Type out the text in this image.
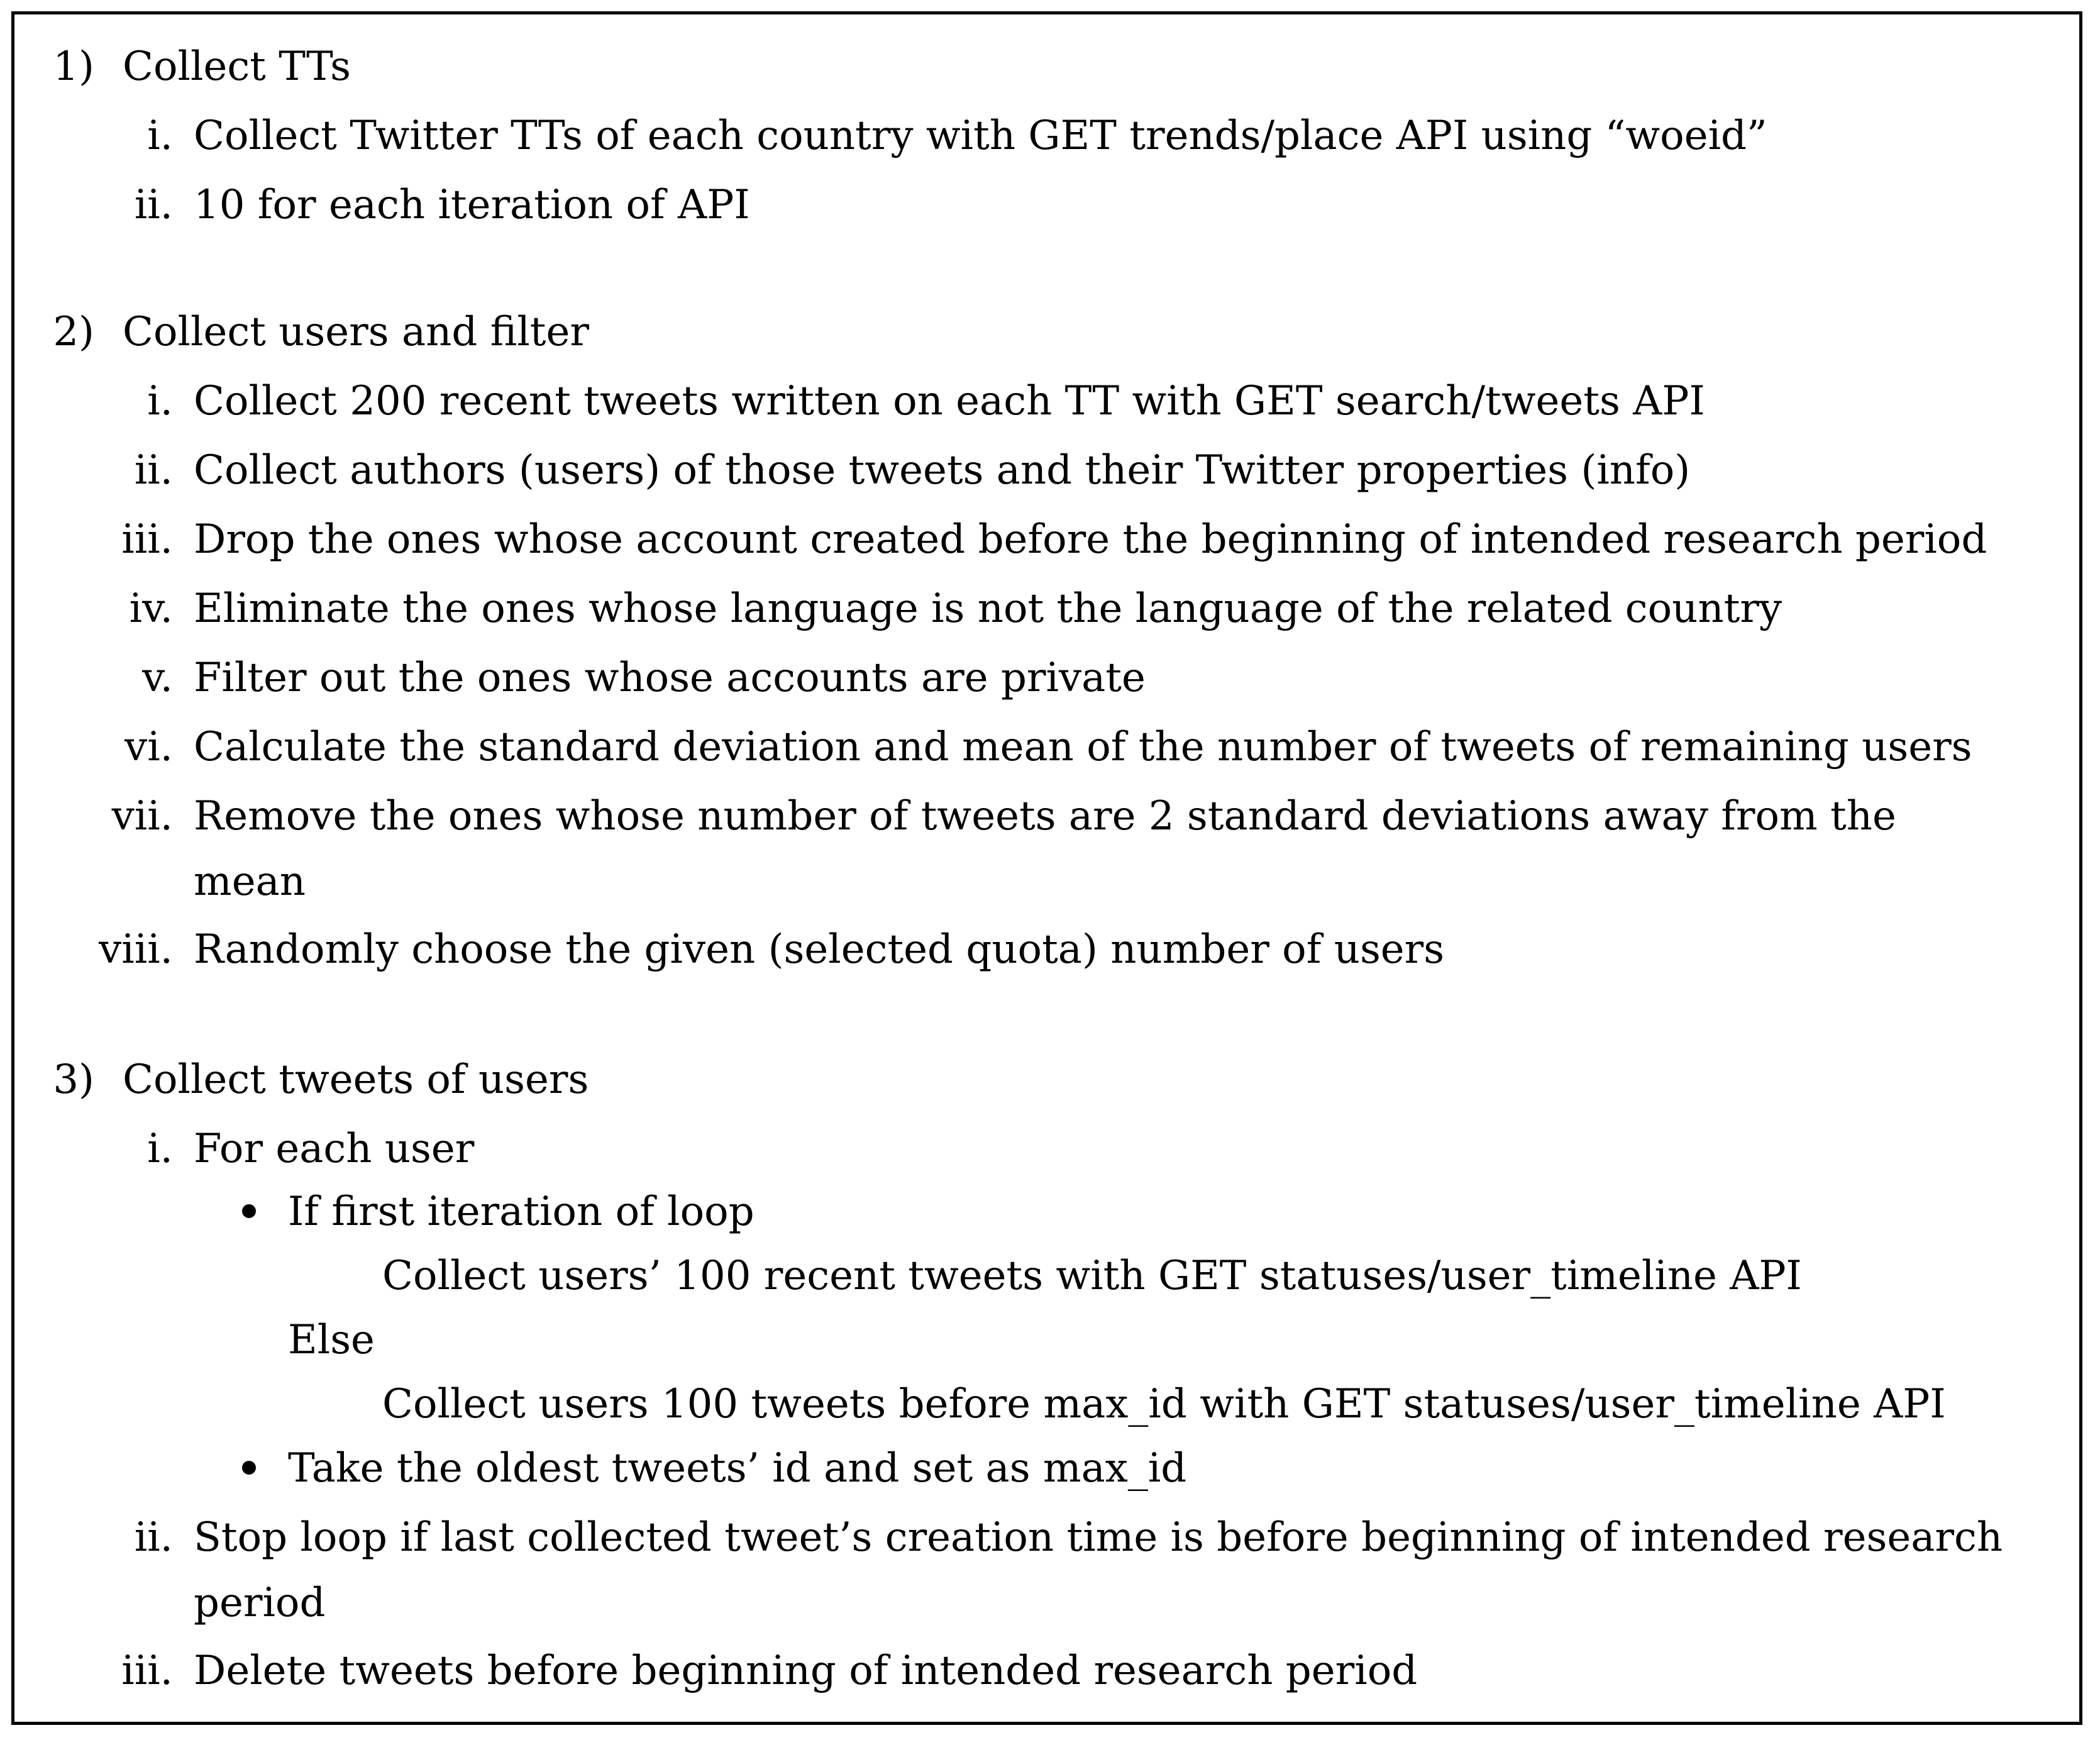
1) Collect TTs
i. Collect Twitter TTs of each country with GET trends/place API using “woeid”
ii. 10 for each iteration of API
2) Collect users and filter
i. Collect 200 recent tweets written on each TT with GET search/tweets API
ii. Collect authors (users) of those tweets and their Twitter properties (info)
iii. Drop the ones whose account created before the beginning of intended research period
iv. Eliminate the ones whose language is not the language of the related country
v. Filter out the ones whose accounts are private
vi. Calculate the standard deviation and mean of the number of tweets of remaining users
vii. Remove the ones whose number of tweets are 2 standard deviations away from the
mean
viii. Randomly choose the given (selected quota) number of users
3) Collect tweets of users
i. For each user
If first iteration of loop
Collect users’ 100 recent tweets with GET statuses/user_timeline API
Else
Collect users 100 tweets before max_id with GET statuses/user_timeline API
Take the oldest tweets’ id and set as max_id
ii. Stop loop if last collected tweet’s creation time is before beginning of intended research
period
iii. Delete tweets before beginning of intended research period
